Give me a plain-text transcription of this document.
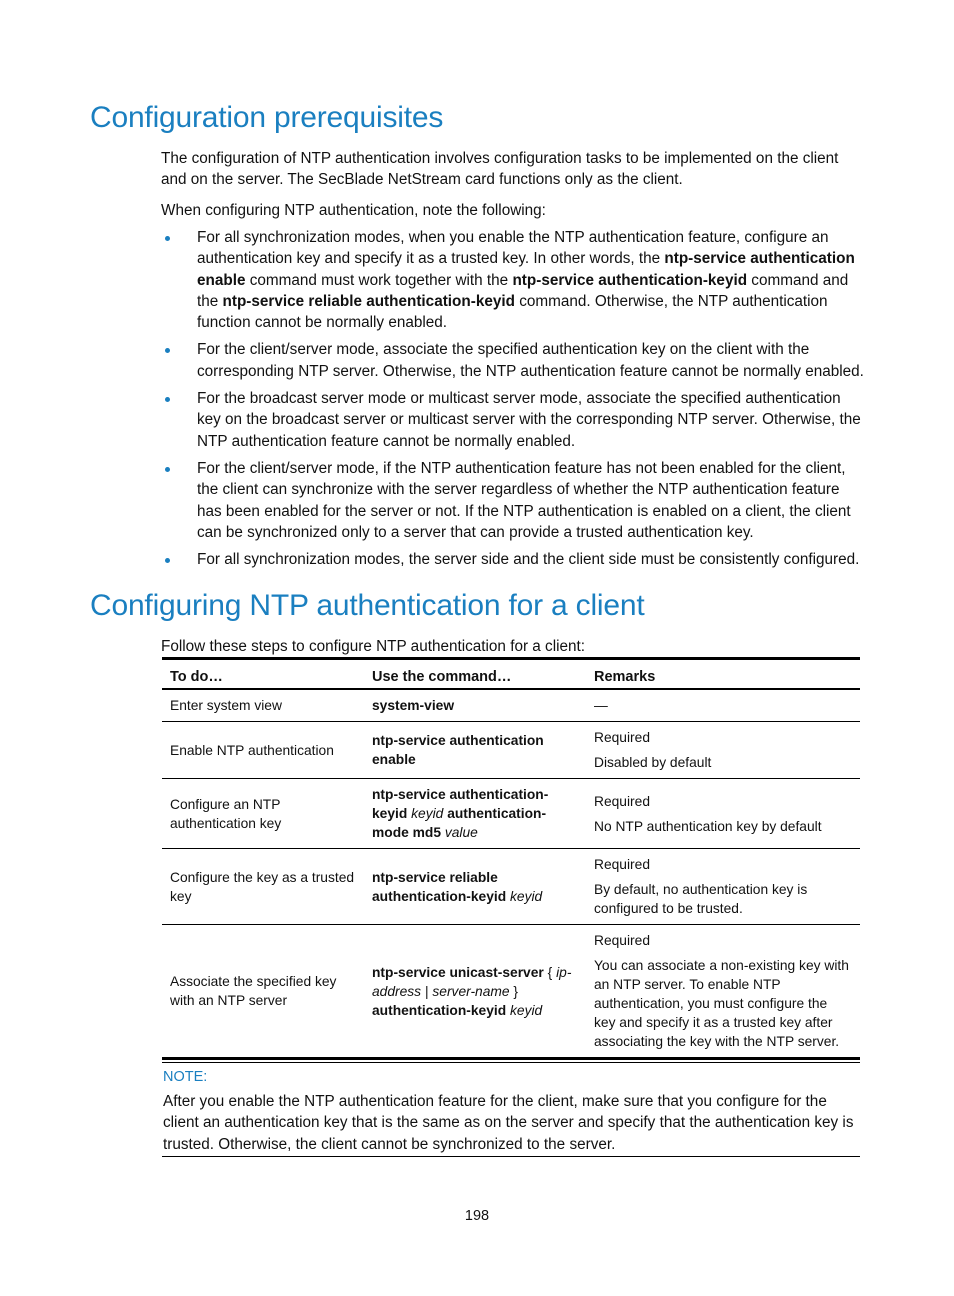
Configuration prerequisites

The configuration of NTP authentication involves configuration tasks to be implemented on the client and on the server. The SecBlade NetStream card functions only as the client.

When configuring NTP authentication, note the following:

For all synchronization modes, when you enable the NTP authentication feature, configure an authentication key and specify it as a trusted key. In other words, the ntp-service authentication enable command must work together with the ntp-service authentication-keyid command and the ntp-service reliable authentication-keyid command. Otherwise, the NTP authentication function cannot be normally enabled.
For the client/server mode, associate the specified authentication key on the client with the corresponding NTP server. Otherwise, the NTP authentication feature cannot be normally enabled.
For the broadcast server mode or multicast server mode, associate the specified authentication key on the broadcast server or multicast server with the corresponding NTP server. Otherwise, the NTP authentication feature cannot be normally enabled.
For the client/server mode, if the NTP authentication feature has not been enabled for the client, the client can synchronize with the server regardless of whether the NTP authentication feature has been enabled for the server or not. If the NTP authentication is enabled on a client, the client can be synchronized only to a server that can provide a trusted authentication key.
For all synchronization modes, the server side and the client side must be consistently configured.
Configuring NTP authentication for a client

Follow these steps to configure NTP authentication for a client:

To do…	Use the command…	Remarks
Enter system view	system-view	—

Enable NTP authentication	ntp-service authentication enable	Required

Disabled by default

Configure an NTP authentication key	ntp-service authentication-keyid keyid authentication-mode md5 value	Required

No NTP authentication key by default

Configure the key as a trusted key	ntp-service reliable authentication-keyid keyid	Required

By default, no authentication key is configured to be trusted.

Associate the specified key with an NTP server	ntp-service unicast-server { ip-address | server-name } authentication-keyid keyid	Required

You can associate a non-existing key with an NTP server. To enable NTP authentication, you must configure the key and specify it as a trusted key after associating the key with the NTP server.

NOTE:

After you enable the NTP authentication feature for the client, make sure that you configure for the client an authentication key that is the same as on the server and specify that the authentication key is trusted. Otherwise, the client cannot be synchronized to the server.

198
